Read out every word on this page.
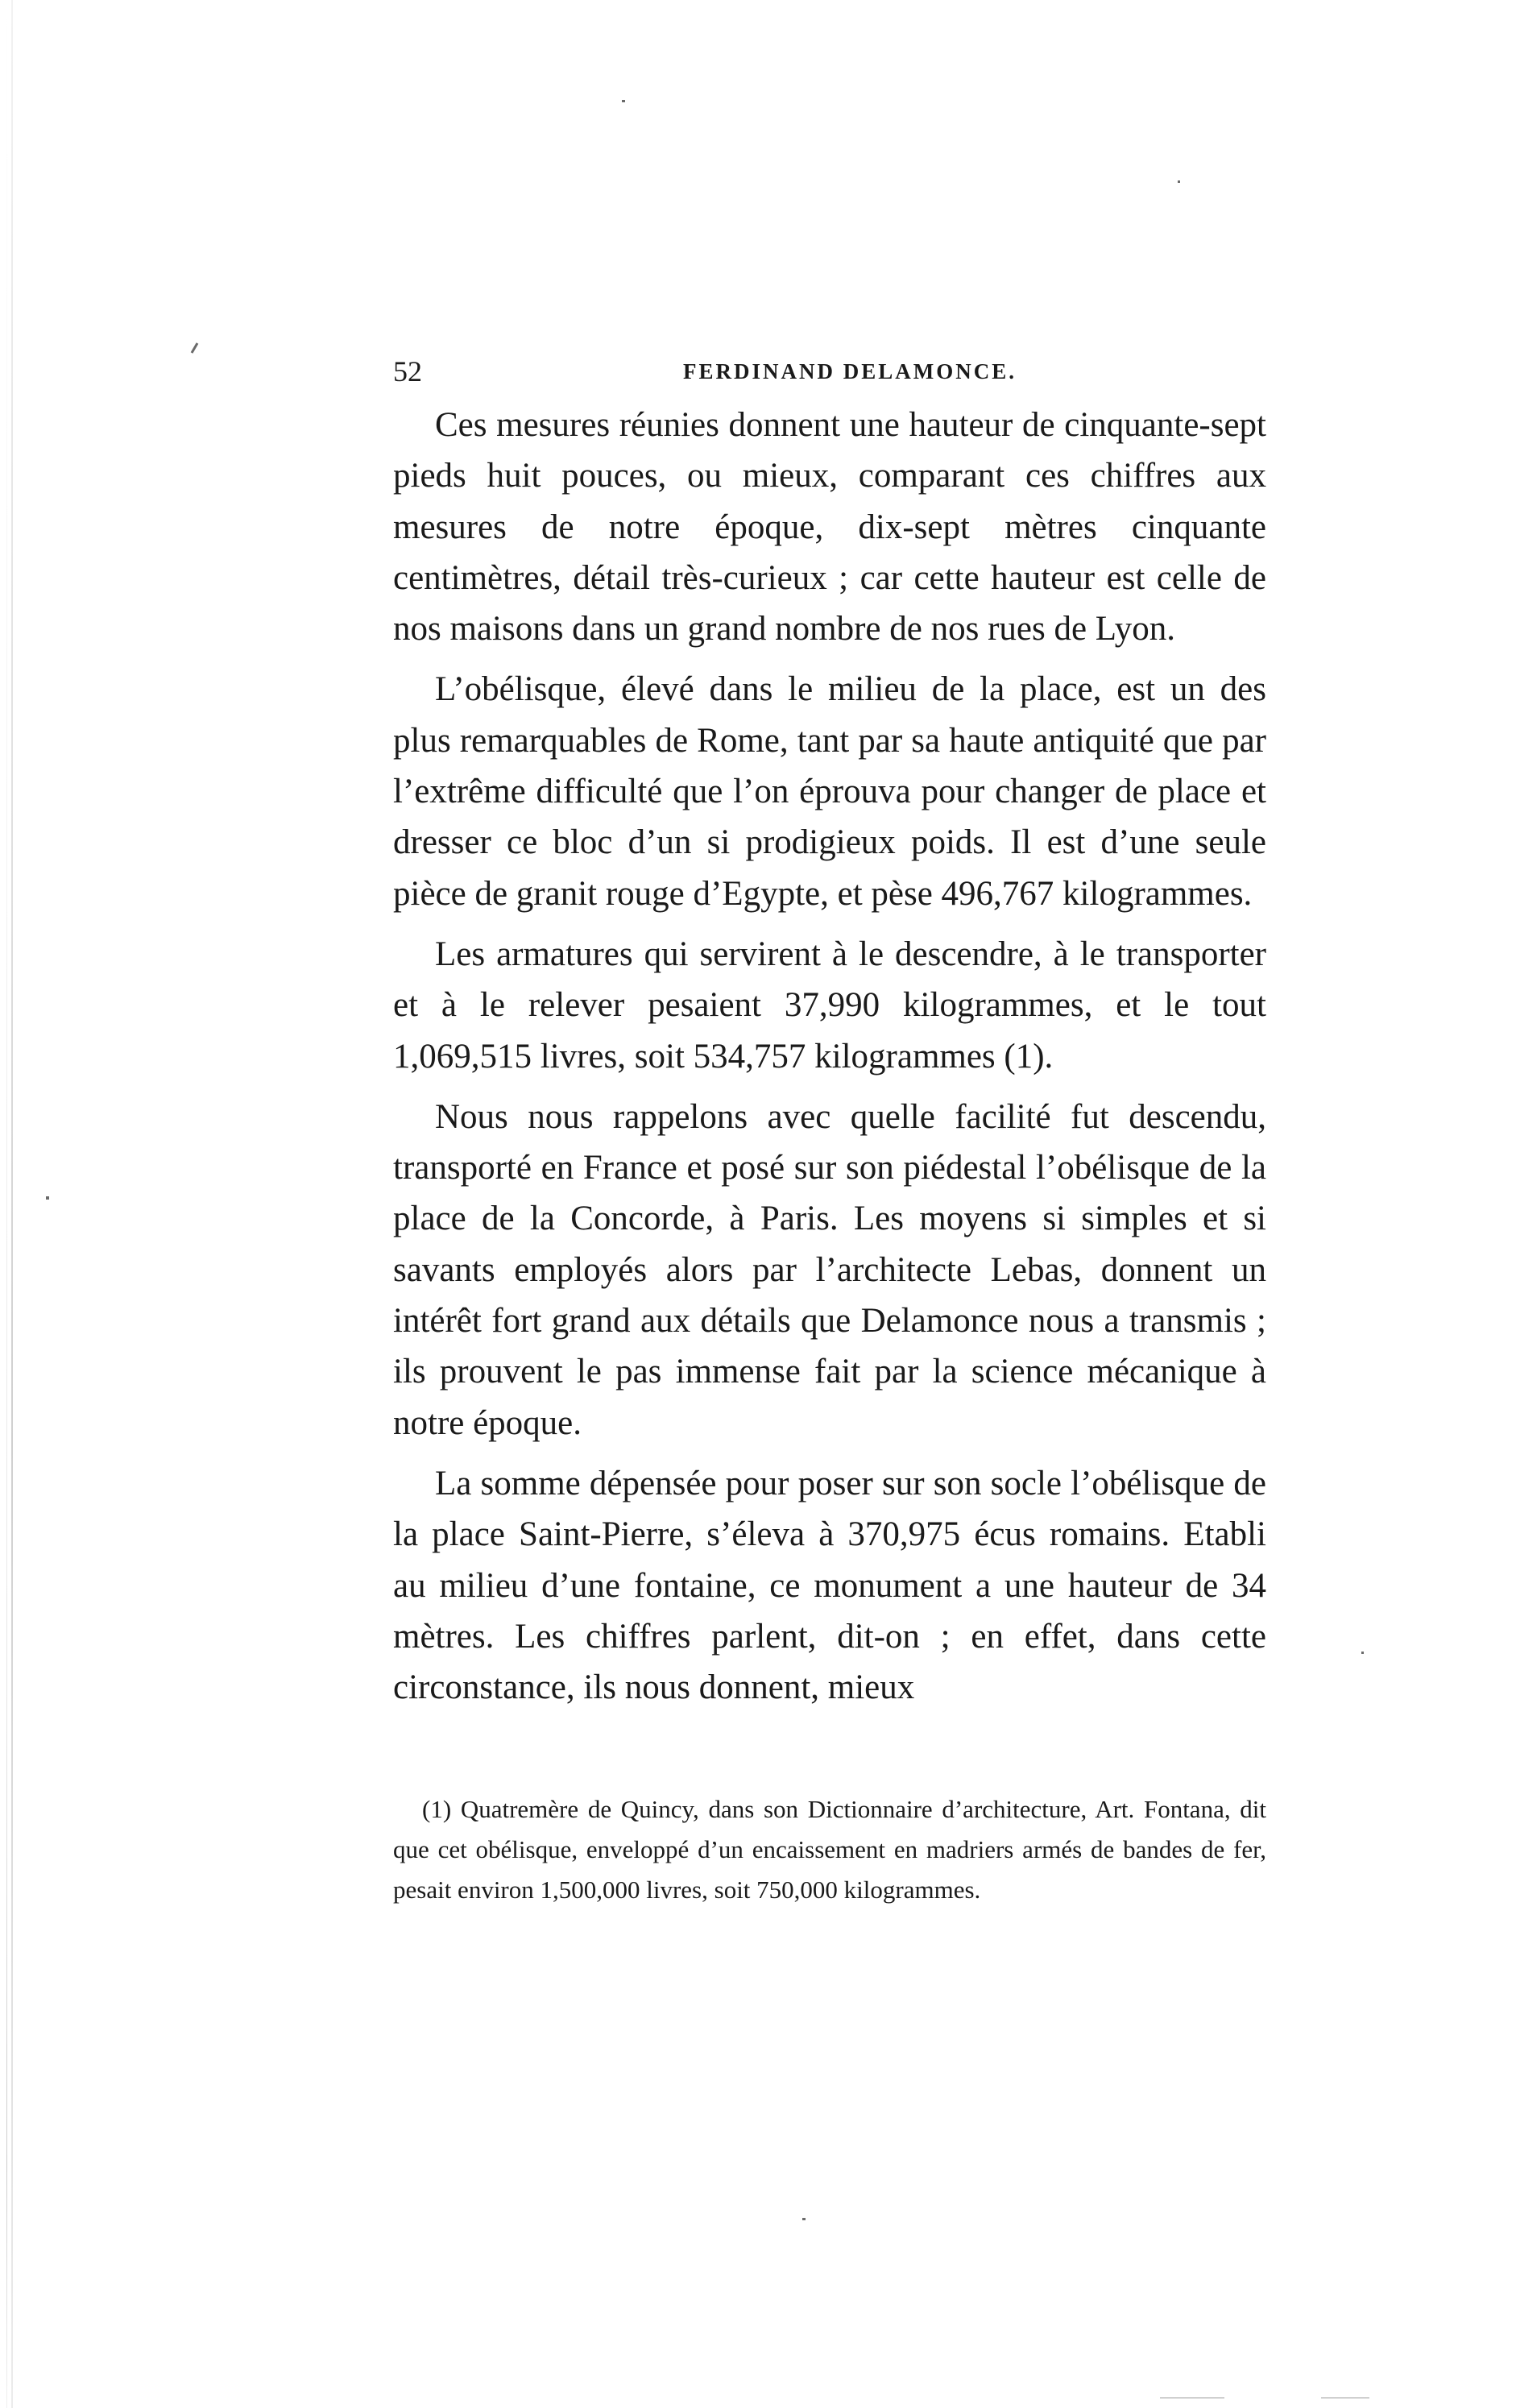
52	FERDINAND DELAMONCE.

Ces mesures réunies donnent une hauteur de cinquante-sept pieds huit pouces, ou mieux, comparant ces chiffres aux mesures de notre époque, dix-sept mètres cinquante centimètres, détail très-curieux ; car cette hauteur est celle de nos maisons dans un grand nombre de nos rues de Lyon.

L’obélisque, élevé dans le milieu de la place, est un des plus remarquables de Rome, tant par sa haute antiquité que par l’extrême difficulté que l’on éprouva pour changer de place et dresser ce bloc d’un si prodigieux poids. Il est d’une seule pièce de granit rouge d’Egypte, et pèse 496,767 kilogrammes.

Les armatures qui servirent à le descendre, à le transporter et à le relever pesaient 37,990 kilogrammes, et le tout 1,069,515 livres, soit 534,757 kilogrammes (1).

Nous nous rappelons avec quelle facilité fut descendu, transporté en France et posé sur son piédestal l’obélisque de la place de la Concorde, à Paris. Les moyens si simples et si savants employés alors par l’architecte Lebas, donnent un intérêt fort grand aux détails que Delamonce nous a transmis ; ils prouvent le pas immense fait par la science mécanique à notre époque.

La somme dépensée pour poser sur son socle l’obélisque de la place Saint-Pierre, s’éleva à 370,975 écus romains. Etabli au milieu d’une fontaine, ce monument a une hauteur de 34 mètres. Les chiffres parlent, dit-on ; en effet, dans cette circonstance, ils nous donnent, mieux

(1) Quatremère de Quincy, dans son Dictionnaire d’architecture, Art. Fontana, dit que cet obélisque, enveloppé d’un encaissement en madriers armés de bandes de fer, pesait environ 1,500,000 livres, soit 750,000 kilogrammes.
